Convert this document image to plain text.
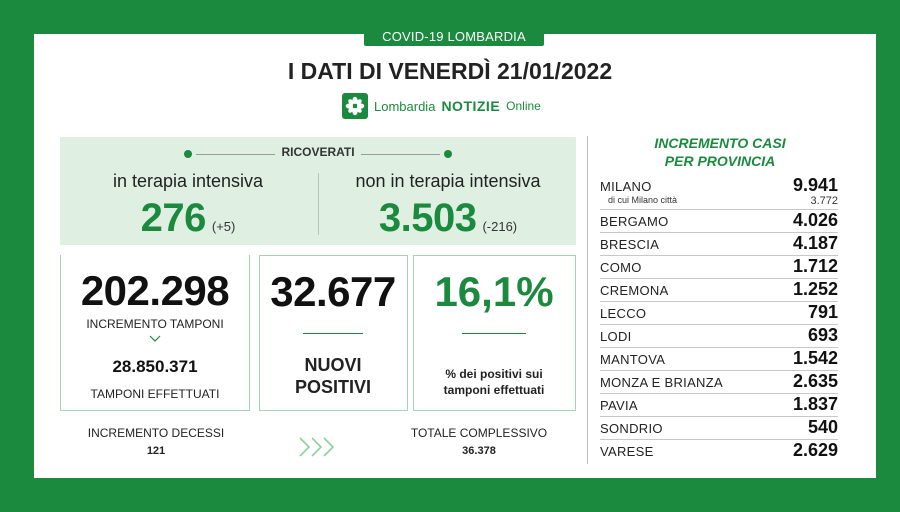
COVID-19 LOMBARDIA
I DATI DI VENERDÌ 21/01/2022
Lombardia NOTIZIE Online
RICOVERATI
in terapia intensiva
276 (+5)
non in terapia intensiva
3.503 (-216)
202.298
INCREMENTO TAMPONI
28.850.371
TAMPONI EFFETTUATI
32.677
NUOVI
POSITIVI
16,1%
% dei positivi sui
tamponi effettuati
INCREMENTO DECESSI
121
TOTALE COMPLESSIVO
36.378
INCREMENTO CASI
PER PROVINCIA
MILANO	9.941
di cui Milano città	3.772
BERGAMO	4.026
BRESCIA	4.187
COMO	1.712
CREMONA	1.252
LECCO	791
LODI	693
MANTOVA	1.542
MONZA E BRIANZA	2.635
PAVIA	1.837
SONDRIO	540
VARESE	2.629
